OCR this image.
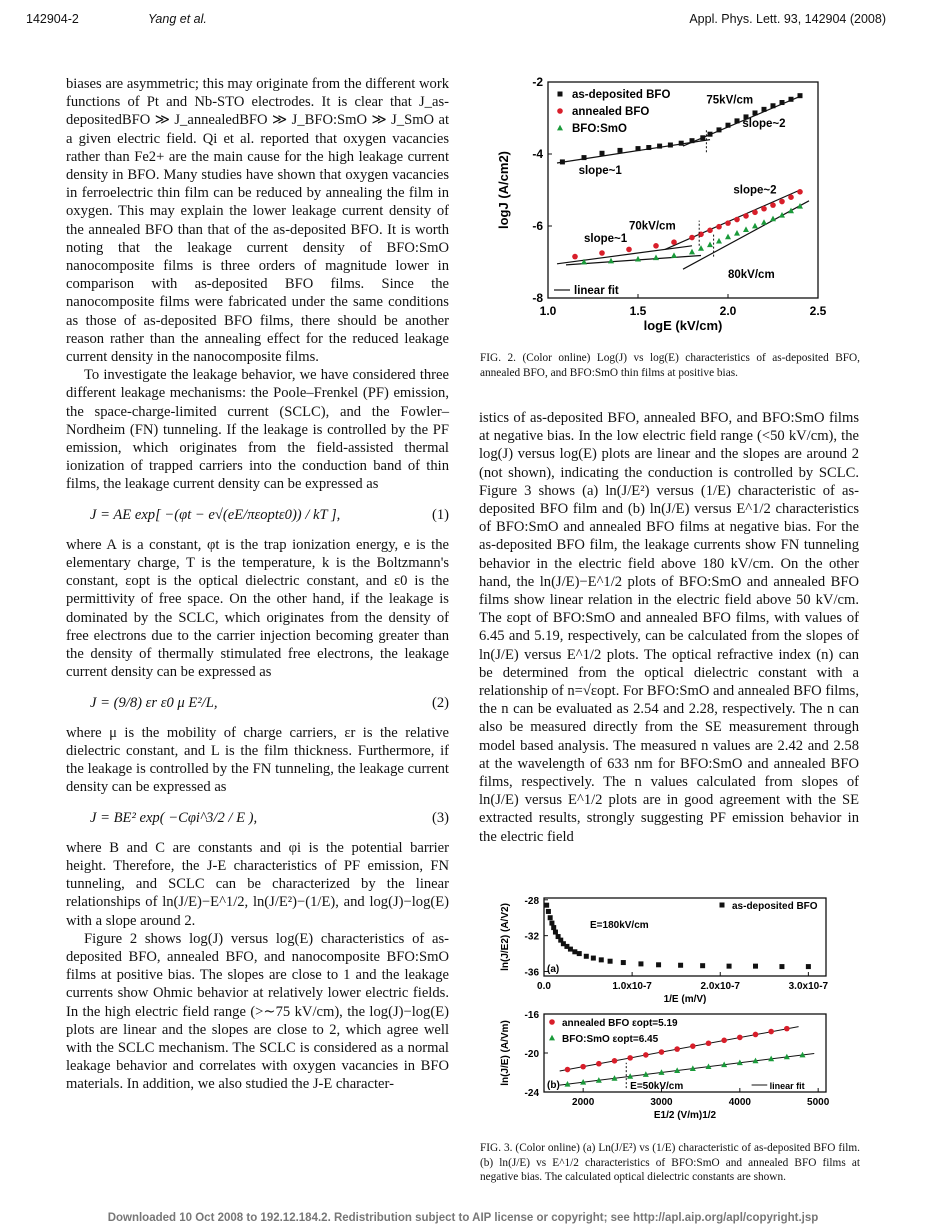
142904-2	Yang et al.	Appl. Phys. Lett. 93, 142904 (2008)

biases are asymmetric; this may originate from the different work functions of Pt and Nb-STO electrodes. It is clear that J_as-depositedBFO ≫ J_annealedBFO ≫ J_BFO:SmO ≫ J_SmO at a given electric field. Qi et al. reported that oxygen vacancies rather than Fe2+ are the main cause for the high leakage current density in BFO. Many studies have shown that oxygen vacancies in ferroelectric thin film can be reduced by annealing the film in oxygen. This may explain the lower leakage current density of the annealed BFO than that of the as-deposited BFO. It is worth noting that the leakage current density of BFO:SmO nanocomposite films is three orders of magnitude lower in comparison with as-deposited BFO films. Since the nanocomposite films were fabricated under the same conditions as those of as-deposited BFO films, there should be another reason rather than the annealing effect for the reduced leakage current density in the nanocomposite films.

To investigate the leakage behavior, we have considered three different leakage mechanisms: the Poole–Frenkel (PF) emission, the space-charge-limited current (SCLC), and the Fowler–Nordheim (FN) tunneling. If the leakage is controlled by the PF emission, which originates from the field-assisted thermal ionization of trapped carriers into the conduction band of thin films, the leakage current density can be expressed as

J = AE exp[ −(φt − e√(eE/πεoptε0)) / kT ],	(1)

where A is a constant, φt is the trap ionization energy, e is the elementary charge, T is the temperature, k is the Boltzmann's constant, εopt is the optical dielectric constant, and ε0 is the permittivity of free space. On the other hand, if the leakage is dominated by the SCLC, which originates from the density of free electrons due to the carrier injection becoming greater than the density of thermally stimulated free electrons, the leakage current density can be expressed as

J = (9/8) εr ε0 μ E²/L,	(2)

where μ is the mobility of charge carriers, εr is the relative dielectric constant, and L is the film thickness. Furthermore, if the leakage is controlled by the FN tunneling, the leakage current density can be expressed as

J = BE² exp( −Cφi^3/2 / E ),	(3)

where B and C are constants and φi is the potential barrier height. Therefore, the J-E characteristics of PF emission, FN tunneling, and SCLC can be characterized by the linear relationships of ln(J/E)−E^1/2, ln(J/E²)−(1/E), and log(J)−log(E) with a slope around 2.

Figure 2 shows log(J) versus log(E) characteristics of as-deposited BFO, annealed BFO, and nanocomposite BFO:SmO films at positive bias. The slopes are close to 1 and the leakage currents show Ohmic behavior at relatively lower electric fields. In the high electric field range (>∼75 kV/cm), the log(J)−log(E) plots are linear and the slopes are close to 2, which agree well with the SCLC mechanism. The SCLC is considered as a normal leakage behavior and correlates with oxygen vacancies in BFO materials. In addition, we also studied the J-E character-

1.0	1.5	2.0	2.5
-2
-4
-6
-8
logE (kV/cm)
logJ (A/cm2)
as-deposited BFO
annealed BFO
BFO:SmO
slope~1
slope~2
75kV/cm
slope~2
70kV/cm
slope~1
80kV/cm
linear fit
FIG. 2. (Color online) Log(J) vs log(E) characteristics of as-deposited BFO, annealed BFO, and BFO:SmO thin films at positive bias.

istics of as-deposited BFO, annealed BFO, and BFO:SmO films at negative bias. In the low electric field range (<50 kV/cm), the log(J) versus log(E) plots are linear and the slopes are around 2 (not shown), indicating the conduction is controlled by SCLC. Figure 3 shows (a) ln(J/E²) versus (1/E) characteristic of as-deposited BFO film and (b) ln(J/E) versus E^1/2 characteristics of BFO:SmO and annealed BFO films at negative bias. For the as-deposited BFO film, the leakage currents show FN tunneling behavior in the electric field above 180 kV/cm. On the other hand, the ln(J/E)−E^1/2 plots of BFO:SmO and annealed BFO films show linear relation in the electric field above 50 kV/cm. The εopt of BFO:SmO and annealed BFO films, with values of 6.45 and 5.19, respectively, can be calculated from the slopes of ln(J/E) versus E^1/2 plots. The optical refractive index (n) can be determined from the optical dielectric constant with a relationship of n=√εopt. For BFO:SmO and annealed BFO films, the n can be evaluated as 2.54 and 2.28, respectively. The n can also be measured directly from the SE measurement through model based analysis. The measured n values are 2.42 and 2.58 at the wavelength of 633 nm for BFO:SmO and annealed BFO films, respectively. The n values calculated from slopes of ln(J/E) versus E^1/2 plots are in good agreement with the SE extracted results, strongly suggesting PF emission behavior in the electric field

0.0	1.0x10-7	2.0x10-7	3.0x10-7
-28
-32
-36
1/E (m/V)
ln(J/E2) (A/V2)	as-deposited BFO
E=180kV/cm
(a)
2000	3000	4000	5000
-16
-20
-24
E1/2 (V/m)1/2
ln(J/E) (A/Vm)	annealed BFO εopt=5.19
BFO:SmO εopt=6.45
E=50kV/cm	linear fit
(b)
FIG. 3. (Color online) (a) Ln(J/E²) vs (1/E) characteristic of as-deposited BFO film. (b) ln(J/E) vs E^1/2 characteristics of BFO:SmO and annealed BFO films at negative bias. The calculated optical dielectric constants are shown.
Downloaded 10 Oct 2008 to 192.12.184.2. Redistribution subject to AIP license or copyright; see http://apl.aip.org/apl/copyright.jsp
